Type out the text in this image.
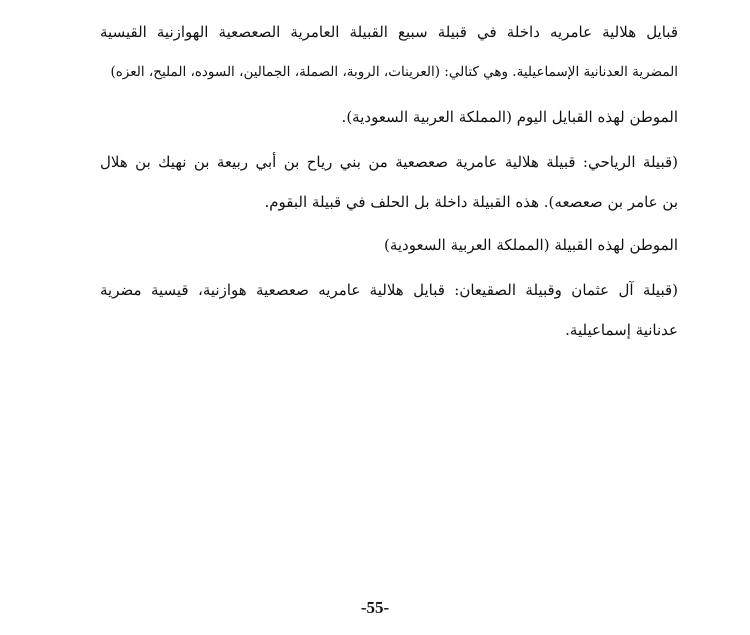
قبايل هلالية عامريه داخلة في قبيلة سبيع القبيلة العامرية الصعصعية الهوازنية القيسية
المضرية العدنانية الإسماعيلية. وهي كتالي: (العرينات، الروبة، الصملة، الجمالين، السوده، المليح، العزه)
الموطن لهذه القبايل اليوم (المملكة العربية السعودية).
(قبيلة الرياحي: قبيلة هلالية عامرية صعصعية من بني رياح بن أبي ربيعة بن نهيك بن هلال
بن عامر بن صعصعه). هذه القبيلة داخلة بل الحلف في قبيلة البقوم.
الموطن لهذه القبيلة (المملكة العربية السعودية)
(قبيلة آل عثمان وقبيلة الصقيعان: قبايل هلالية عامريه صعصعية هوازنية، قيسية مضرية
عدنانية إسماعيلية.
-55-
